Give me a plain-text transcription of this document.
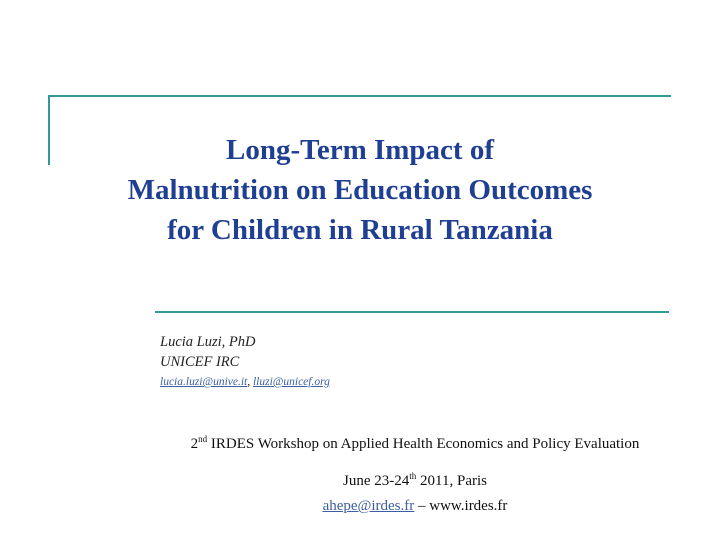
Long-Term Impact of
Malnutrition on Education Outcomes
for Children in Rural Tanzania
Lucia Luzi, PhD
UNICEF IRC
lucia.luzi@unive.it, lluzi@unicef.org
2nd IRDES Workshop on Applied Health Economics and Policy Evaluation
June 23-24th 2011, Paris
ahepe@irdes.fr – www.irdes.fr
